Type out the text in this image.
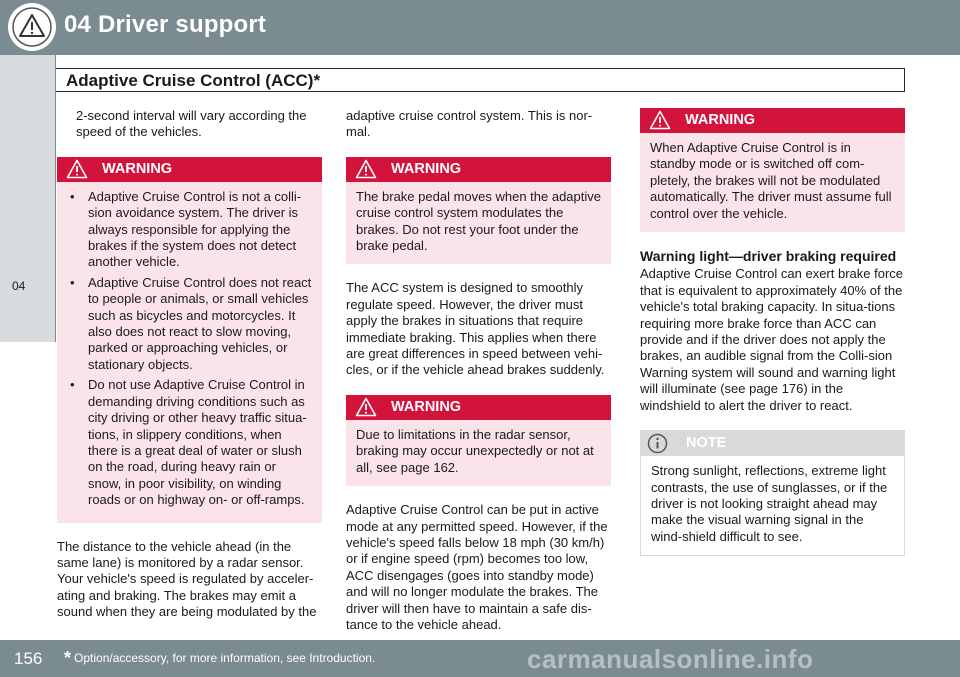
04 Driver support
Adaptive Cruise Control (ACC)*
04

2-second interval will vary according the speed of the vehicles.

WARNING
• Adaptive Cruise Control is not a colli-sion avoidance system. The driver is always responsible for applying the brakes if the system does not detect another vehicle.
• Adaptive Cruise Control does not react to people or animals, or small vehicles such as bicycles and motorcycles. It also does not react to slow moving, parked or approaching vehicles, or stationary objects.
• Do not use Adaptive Cruise Control in demanding driving conditions such as city driving or other heavy traffic situa-tions, in slippery conditions, when there is a great deal of water or slush on the road, during heavy rain or snow, in poor visibility, on winding roads or on highway on- or off-ramps.

The distance to the vehicle ahead (in the same lane) is monitored by a radar sensor. Your vehicle's speed is regulated by acceler-ating and braking. The brakes may emit a sound when they are being modulated by the

adaptive cruise control system. This is nor-mal.

WARNING
The brake pedal moves when the adaptive cruise control system modulates the brakes. Do not rest your foot under the brake pedal.

The ACC system is designed to smoothly regulate speed. However, the driver must apply the brakes in situations that require immediate braking. This applies when there are great differences in speed between vehi-cles, or if the vehicle ahead brakes suddenly.

WARNING
Due to limitations in the radar sensor, braking may occur unexpectedly or not at all, see page 162.

Adaptive Cruise Control can be put in active mode at any permitted speed. However, if the vehicle's speed falls below 18 mph (30 km/h) or if engine speed (rpm) becomes too low, ACC disengages (goes into standby mode) and will no longer modulate the brakes. The driver will then have to maintain a safe dis-tance to the vehicle ahead.

WARNING
When Adaptive Cruise Control is in standby mode or is switched off com-pletely, the brakes will not be modulated automatically. The driver must assume full control over the vehicle.
Warning light—driver braking required

Adaptive Cruise Control can exert brake force that is equivalent to approximately 40% of the vehicle's total braking capacity. In situa-tions requiring more brake force than ACC can provide and if the driver does not apply the brakes, an audible signal from the Colli-sion Warning system will sound and warning light will illuminate (see page 176) in the windshield to alert the driver to react.

NOTE
Strong sunlight, reflections, extreme light contrasts, the use of sunglasses, or if the driver is not looking straight ahead may make the visual warning signal in the wind-shield difficult to see.
156 * Option/accessory, for more information, see Introduction.	carmanualsonline.info
